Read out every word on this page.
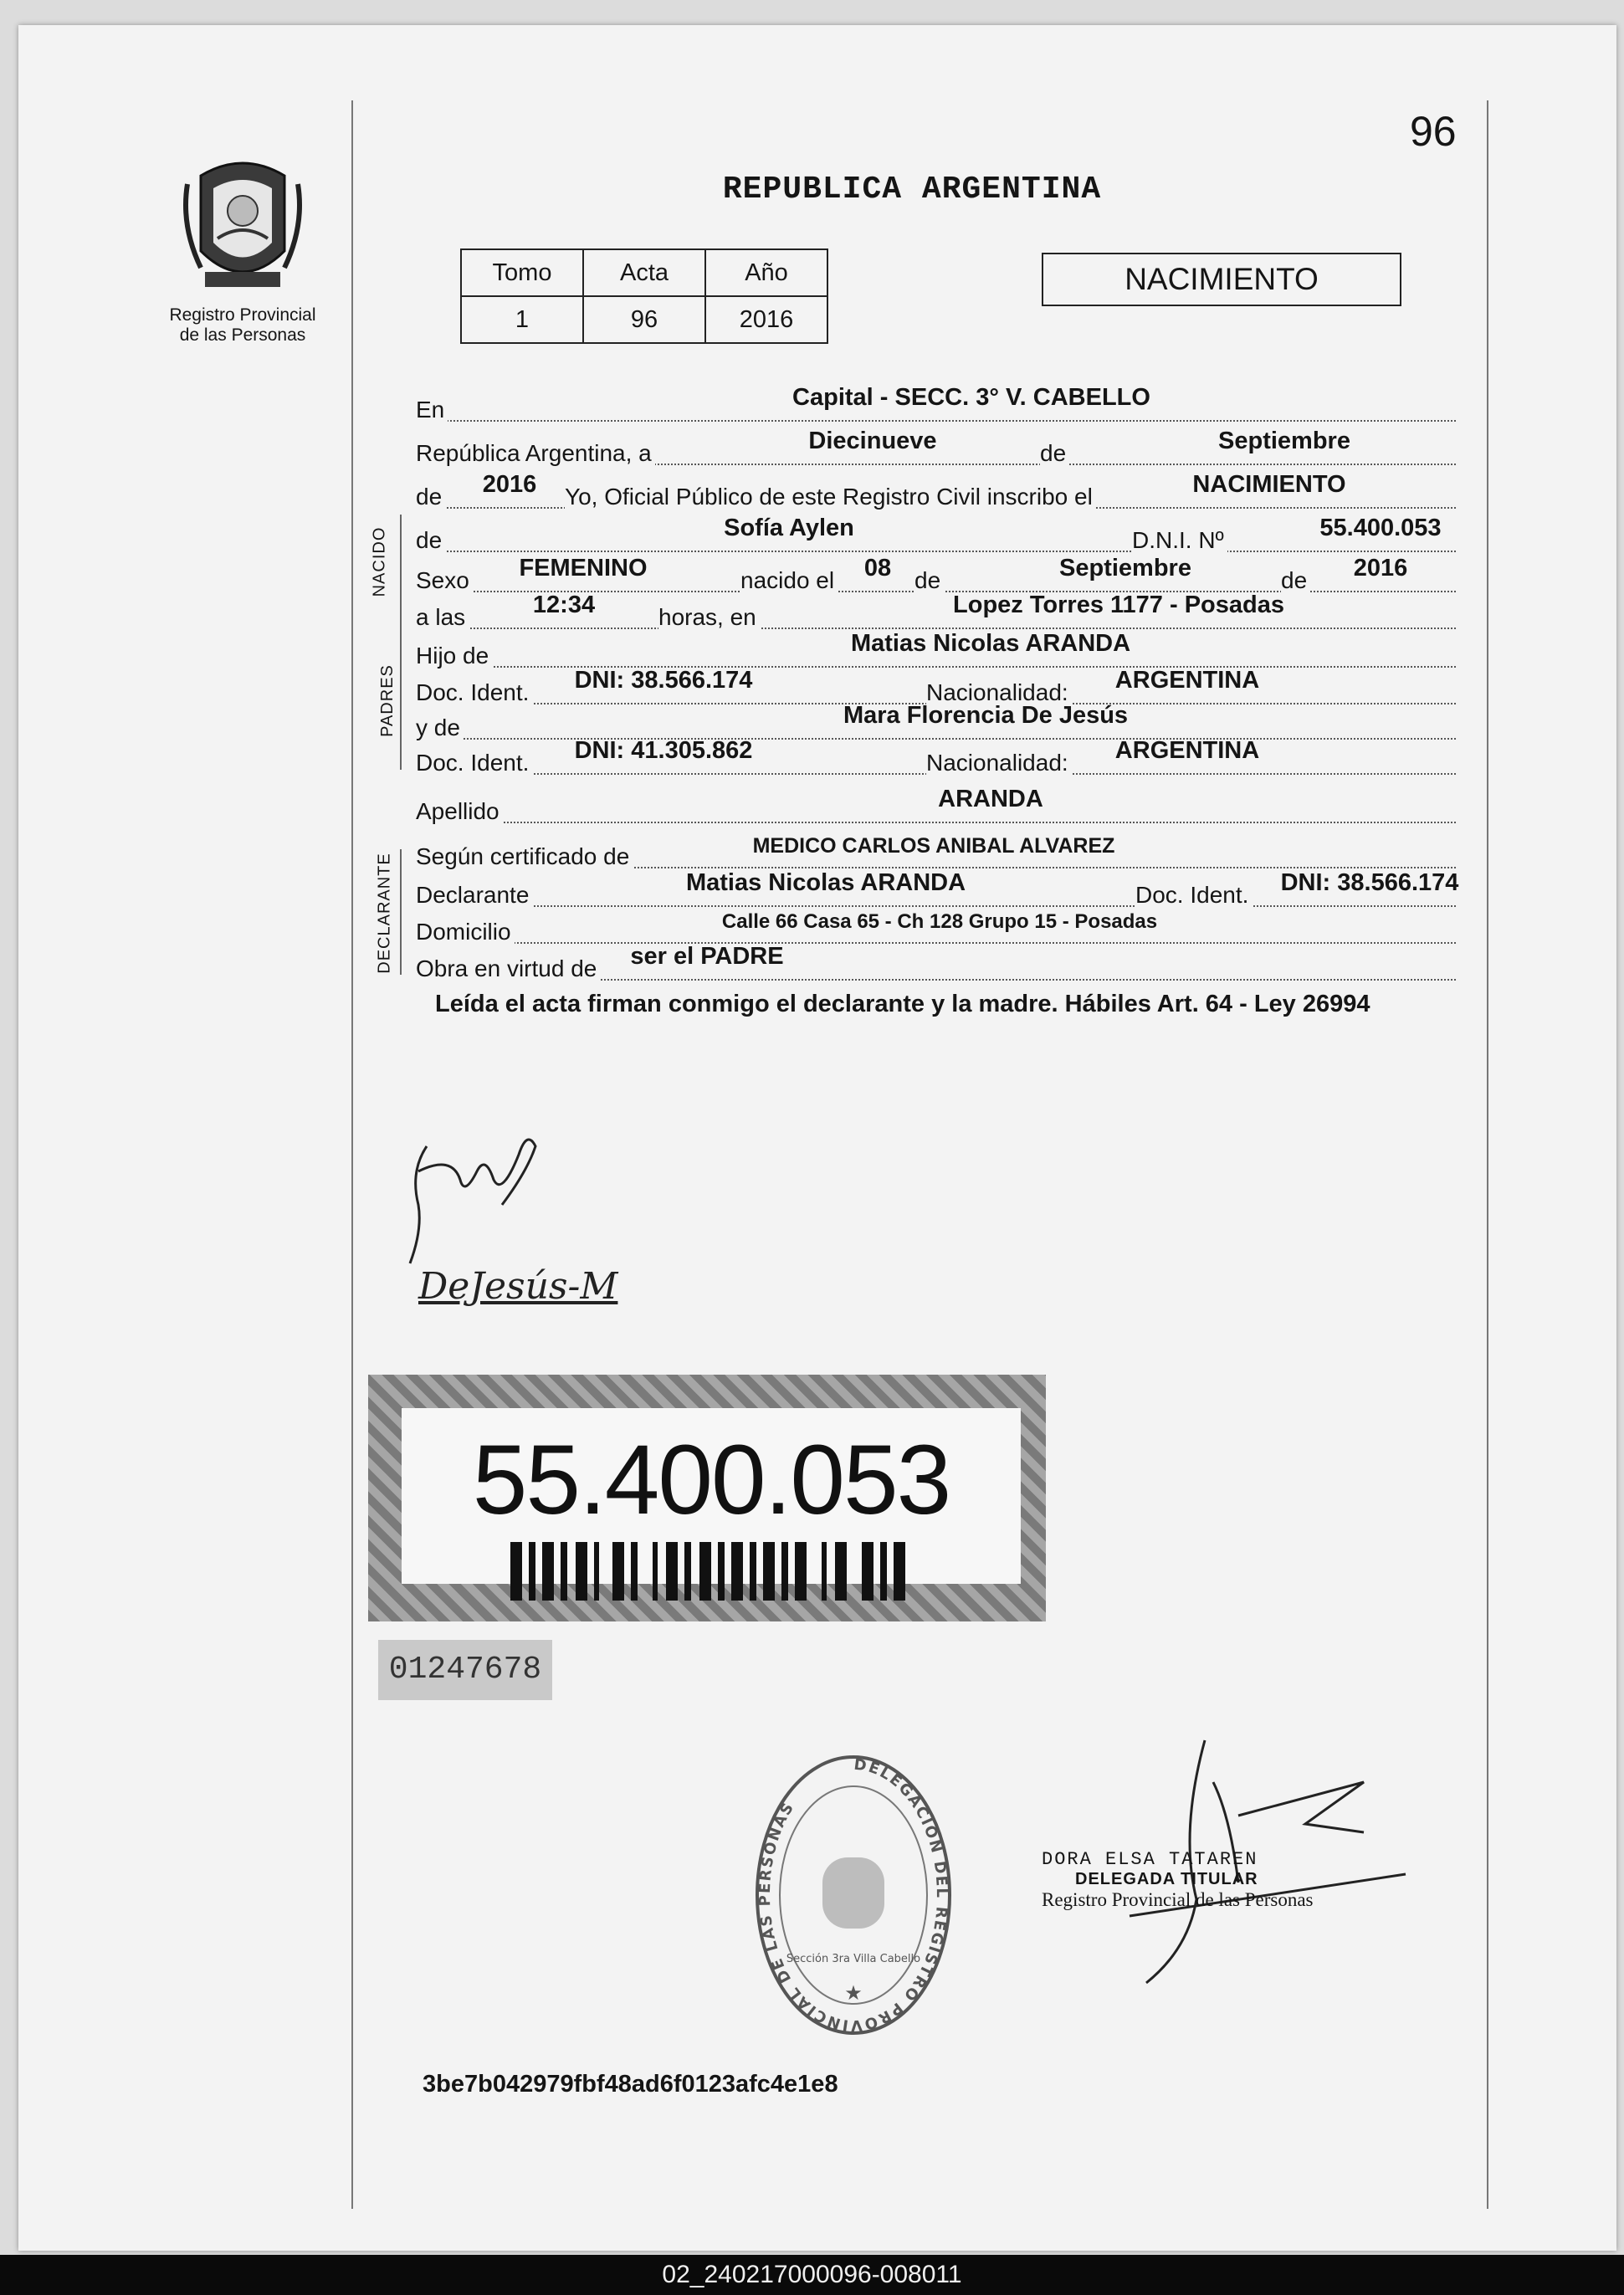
96
REPUBLICA ARGENTINA
Registro Provincial
de las Personas
Tomo	Acta	Año
1	96	2016
NACIMIENTO
En	Capital - SECC. 3° V. CABELLO
República Argentina, a	Diecinueve	de	Septiembre
de 2016 Yo, Oficial Público de este Registro Civil inscribo el	NACIMIENTO
NACIDO de	Sofía Aylen	D.N.I. Nº	55.400.053
Sexo FEMENINO	nacido el 08 de	Septiembre	de 2016
a las	12:34	horas, en	Lopez Torres 1177 - Posadas
PADRES
Hijo de	Matias Nicolas ARANDA
Doc. Ident. DNI: 38.566.174	Nacionalidad: ARGENTINA
y de	Mara Florencia De Jesús
Doc. Ident. DNI: 41.305.862	Nacionalidad: ARGENTINA
Apellido	ARANDA
DECLARANTE Según certificado de	MEDICO CARLOS ANIBAL ALVAREZ
Declarante	Matias Nicolas ARANDA	Doc. Ident. DNI: 38.566.174
Domicilio	Calle 66 Casa 65 - Ch 128 Grupo 15 - Posadas
Obra en virtud de ser el PADRE
Leída el acta firman conmigo el declarante y la madre. Hábiles Art. 64 - Ley 26994
DeJesús-M
55.400.053
01247678
DELEGACION DEL REGISTRO PROVINCIAL DE LAS PERSONAS
Sección 3ra Villa Cabello
★
DORA ELSA TATAREN
DELEGADA TITULAR
Registro Provincial de las Personas
3be7b042979fbf48ad6f0123afc4e1e8
02_240217000096-008011
